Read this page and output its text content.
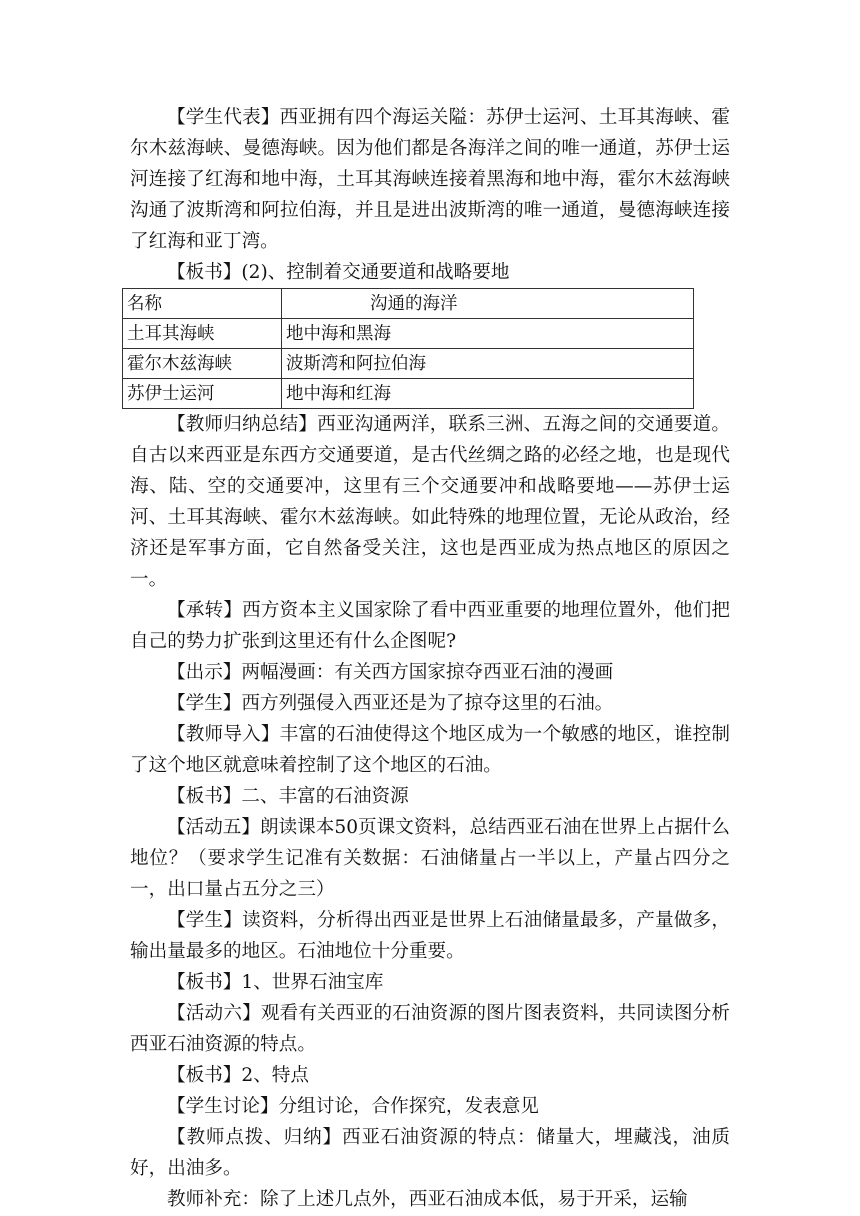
【学生代表】西亚拥有四个海运关隘：苏伊士运河、土耳其海峡、霍尔木兹海峡、曼德海峡。因为他们都是各海洋之间的唯一通道，苏伊士运河连接了红海和地中海，土耳其海峡连接着黑海和地中海，霍尔木兹海峡沟通了波斯湾和阿拉伯海，并且是进出波斯湾的唯一通道，曼德海峡连接了红海和亚丁湾。

【板书】(2)、控制着交通要道和战略要地

名称	沟通的海洋
土耳其海峡	地中海和黑海
霍尔木兹海峡	波斯湾和阿拉伯海
苏伊士运河	地中海和红海

【教师归纳总结】西亚沟通两洋，联系三洲、五海之间的交通要道。自古以来西亚是东西方交通要道，是古代丝绸之路的必经之地，也是现代海、陆、空的交通要冲，这里有三个交通要冲和战略要地——苏伊士运河、土耳其海峡、霍尔木兹海峡。如此特殊的地理位置，无论从政治，经济还是军事方面，它自然备受关注，这也是西亚成为热点地区的原因之一。

【承转】西方资本主义国家除了看中西亚重要的地理位置外，他们把自己的势力扩张到这里还有什么企图呢?

【出示】两幅漫画：有关西方国家掠夺西亚石油的漫画

【学生】西方列强侵入西亚还是为了掠夺这里的石油。

【教师导入】丰富的石油使得这个地区成为一个敏感的地区，谁控制了这个地区就意味着控制了这个地区的石油。

【板书】二、丰富的石油资源

【活动五】朗读课本50页课文资料，总结西亚石油在世界上占据什么地位？（要求学生记准有关数据：石油储量占一半以上，产量占四分之一，出口量占五分之三）

【学生】读资料，分析得出西亚是世界上石油储量最多，产量做多，输出量最多的地区。石油地位十分重要。

【板书】1、世界石油宝库

【活动六】观看有关西亚的石油资源的图片图表资料，共同读图分析西亚石油资源的特点。

【板书】2、特点

【学生讨论】分组讨论，合作探究，发表意见

【教师点拨、归纳】西亚石油资源的特点：储量大，埋藏浅，油质好，出油多。

教师补充：除了上述几点外，西亚石油成本低，易于开采，运输
